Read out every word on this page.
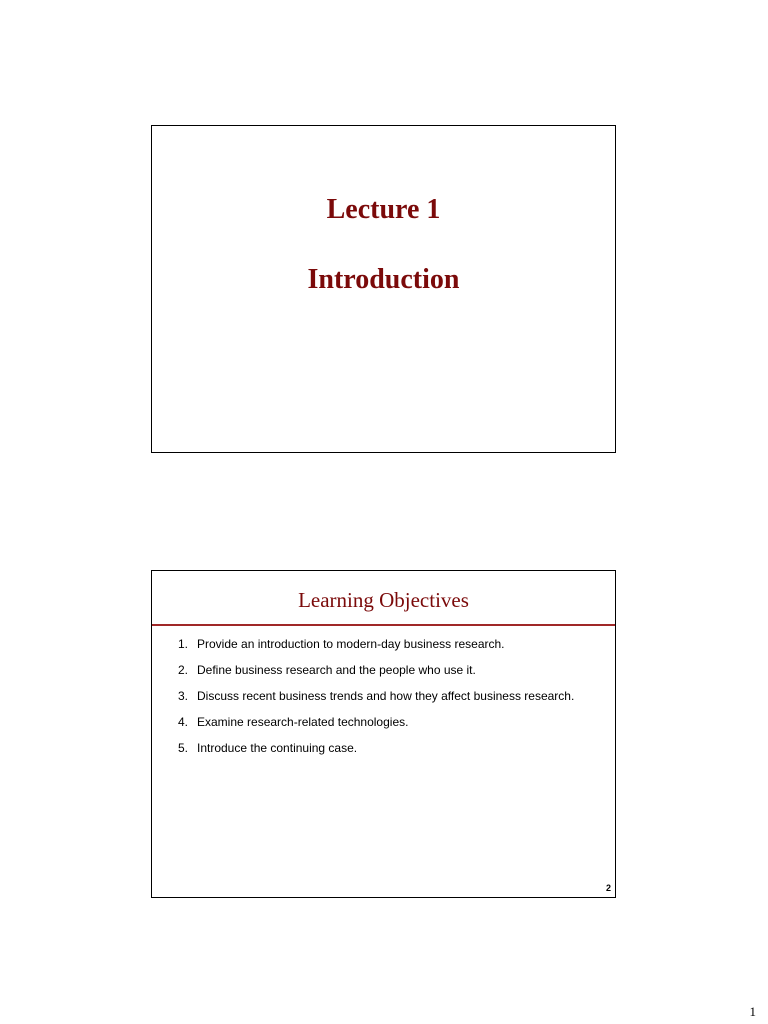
Lecture 1
Introduction
Learning Objectives
1. Provide an introduction to modern-day business research.
2. Define business research and the people who use it.
3. Discuss recent business trends and how they affect business research.
4. Examine research-related technologies.
5. Introduce the continuing case.
2
1
